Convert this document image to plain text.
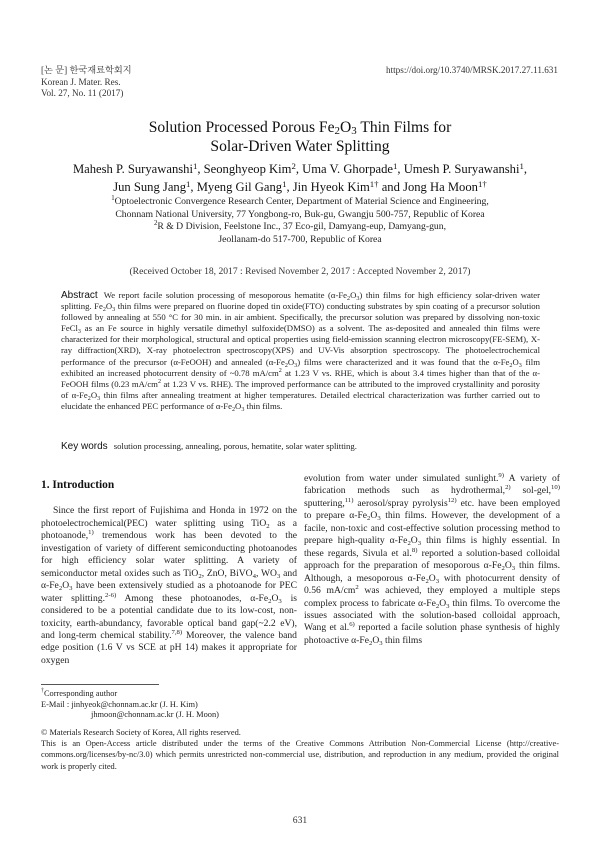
[논 문] 한국재료학회지
Korean J. Mater. Res.
Vol. 27, No. 11 (2017)
https://doi.org/10.3740/MRSK.2017.27.11.631
Solution Processed Porous $Fe_2O_3$ Thin Films for
Solar-Driven Water Splitting
Mahesh P. Suryawanshi$^1$, Seonghyeop Kim$^2$, Uma V. Ghorpade$^1$, Umesh P. Suryawanshi$^1$,
Jun Sung Jang$^1$, Myeng Gil Gang$^1$, Jin Hyeok Kim$^{1\dagger}$ and Jong Ha Moon$^{1\dagger}$
$^1$Optoelectronic Convergence Research Center, Department of Material Science and Engineering,
Chonnam National University, 77 Yongbong-ro, Buk-gu, Gwangju 500-757, Republic of Korea
$^2$R & D Division, Feelstone Inc., 37 Eco-gil, Damyang-eup, Damyang-gun,
Jeollanam-do 517-700, Republic of Korea
(Received October 18, 2017 : Revised November 2, 2017 : Accepted November 2, 2017)
Abstract We report facile solution processing of mesoporous hematite $(\alpha-Fe_2O_3)$ thin films for high efficiency solar-driven water splitting. $Fe_2O_3$ thin films were prepared on fluorine doped tin oxide(FTO) conducting substrates by spin coating of a precursor solution followed by annealing at 550 °C for 30 min. in air ambient. Specifically, the precursor solution was prepared by dissolving non-toxic FeCl$_3$ as an Fe source in highly versatile dimethyl sulfoxide(DMSO) as a solvent. The as-deposited and annealed thin films were characterized for their morphological, structural and optical properties using field-emission scanning electron microscopy(FE-SEM), X-ray diffraction(XRD), X-ray photoelectron spectroscopy(XPS) and UV-Vis absorption spectroscopy. The photoelectrochemical performance of the precursor (α-FeOOH) and annealed $(\alpha-Fe_2O_3)$ films were characterized and it was found that the $\alpha-Fe_2O_3$ film exhibited an increased photocurrent density of ~0.78 $mA/cm^2$ at 1.23 V vs. RHE, which is about 3.4 times higher than that of the α-FeOOH films (0.23 $mA/cm^2$ at 1.23 V vs. RHE). The improved performance can be attributed to the improved crystallinity and porosity of $\alpha-Fe_2O_3$ thin films after annealing treatment at higher temperatures. Detailed electrical characterization was further carried out to elucidate the enhanced PEC performance of $\alpha-Fe_2O_3$ thin films.
Key words solution processing, annealing, porous, hematite, solar water splitting.
1. Introduction

Since the first report of Fujishima and Honda in 1972 on the photoelectrochemical(PEC) water splitting using TiO$_2$ as a photoanode,$^{1)}$ tremendous work has been devoted to the investigation of variety of different semiconducting photoanodes for high efficiency solar water splitting. A variety of semiconductor metal oxides such as TiO$_2$, ZnO, BiVO$_4$, $WO_3$ and $\alpha-Fe_2O_3$ have been extensively studied as a photoanode for PEC water splitting.$^{2-6)}$ Among these photoanodes, $\alpha-Fe_2O_3$ is considered to be a potential candidate due to its low-cost, non-toxicity, earth-abundancy, favorable optical band gap(~2.2 eV), and long-term chemical stability.$^{7,8)}$ Moreover, the valence band edge position (1.6 V vs SCE at pH 14) makes it appropriate for oxygen

evolution from water under simulated sunlight.$^{9)}$ A variety of fabrication methods such as hydrothermal,$^{2)}$ sol-gel,$^{10)}$ sputtering,$^{11)}$ aerosol/spray pyrolysis$^{12)}$ etc. have been employed to prepare $\alpha-Fe_2O_3$ thin films. However, the development of a facile, non-toxic and cost-effective solution processing method to prepare high-quality $\alpha-Fe_2O_3$ thin films is highly essential. In these regards, Sivula et al.$^{8)}$ reported a solution-based colloidal approach for the preparation of mesoporous $\alpha-Fe_2O_3$ thin films. Although, a mesoporous $\alpha-Fe_2O_3$ with photocurrent density of 0.56 $mA/cm^2$ was achieved, they employed a multiple steps complex process to fabricate $\alpha-Fe_2O_3$ thin films. To overcome the issues associated with the solution-based colloidal approach, Wang et al.$^{6)}$ reported a facile solution phase synthesis of highly photoactive $\alpha-Fe_2O_3$ thin films

†Corresponding author
E-Mail : jinhyeok@chonnam.ac.kr (J. H. Kim)
jhmoon@chonnam.ac.kr (J. H. Moon)
© Materials Research Society of Korea, All rights reserved.
This is an Open-Access article distributed under the terms of the Creative Commons Attribution Non-Commercial License (http://creative-commons.org/licenses/by-nc/3.0) which permits unrestricted non-commercial use, distribution, and reproduction in any medium, provided the original work is properly cited.
631
